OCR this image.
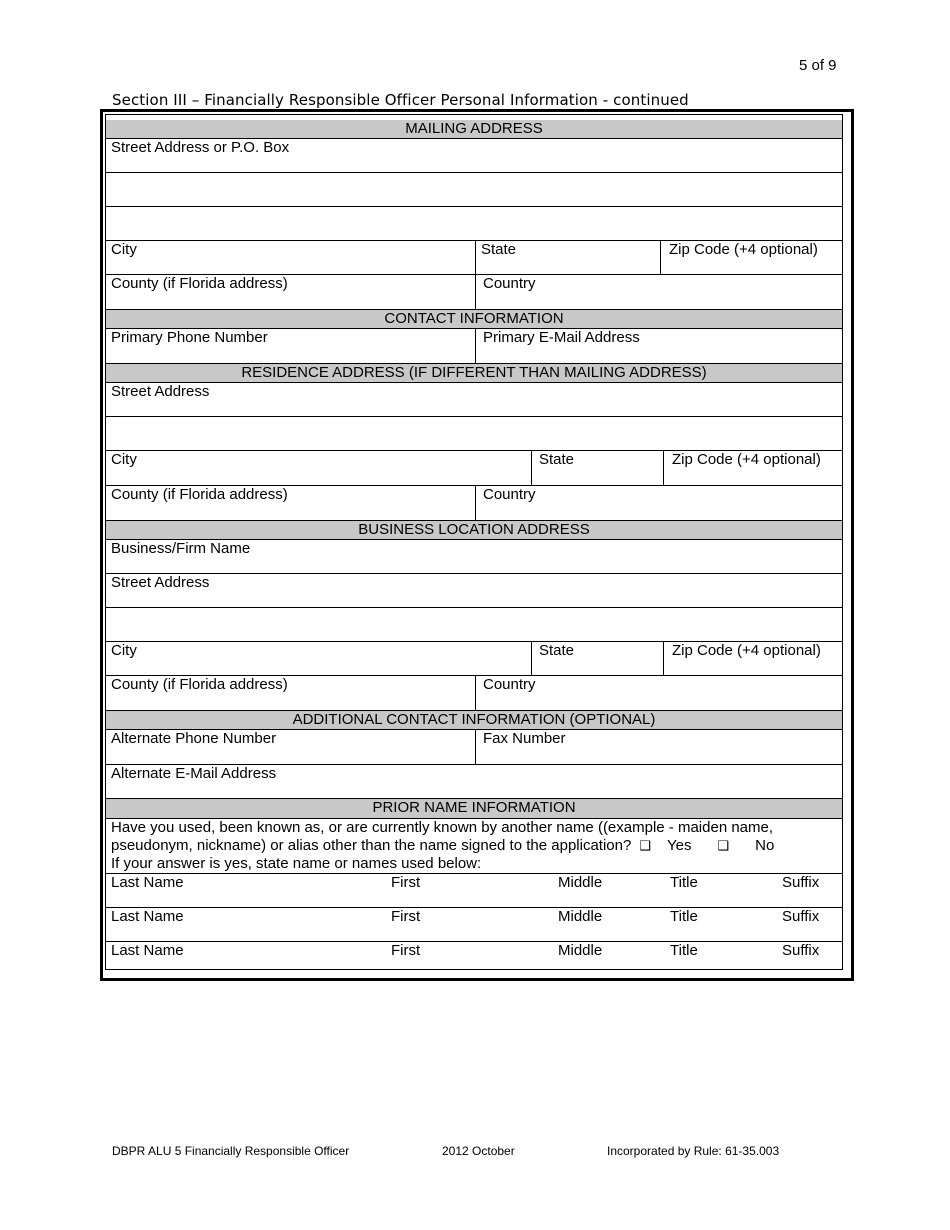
5 of 9
Section III – Financially Responsible Officer Personal Information - continued
MAILING ADDRESS
Street Address or P.O. Box
City	State	Zip Code (+4 optional)
County (if Florida address)	Country
CONTACT INFORMATION
Primary Phone Number	Primary E-Mail Address
RESIDENCE ADDRESS (IF DIFFERENT THAN MAILING ADDRESS)
Street Address
City	State	Zip Code (+4 optional)
County (if Florida address)	Country
BUSINESS LOCATION ADDRESS
Business/Firm Name
Street Address
City	State	Zip Code (+4 optional)
County (if Florida address)	Country
ADDITIONAL CONTACT INFORMATION (OPTIONAL)
Alternate Phone Number	Fax Number
Alternate E-Mail Address
PRIOR NAME INFORMATION
Have you used, been known as, or are currently known by another name ((example - maiden name,
pseudonym, nickname) or alias other than the name signed to the application? ❑ Yes ❑ No
If your answer is yes, state name or names used below:
Last Name	First	Middle	Title	Suffix
Last Name	First	Middle	Title	Suffix
Last Name	First	Middle	Title	Suffix
DBPR ALU 5 Financially Responsible Officer	2012 October	Incorporated by Rule: 61-35.003
